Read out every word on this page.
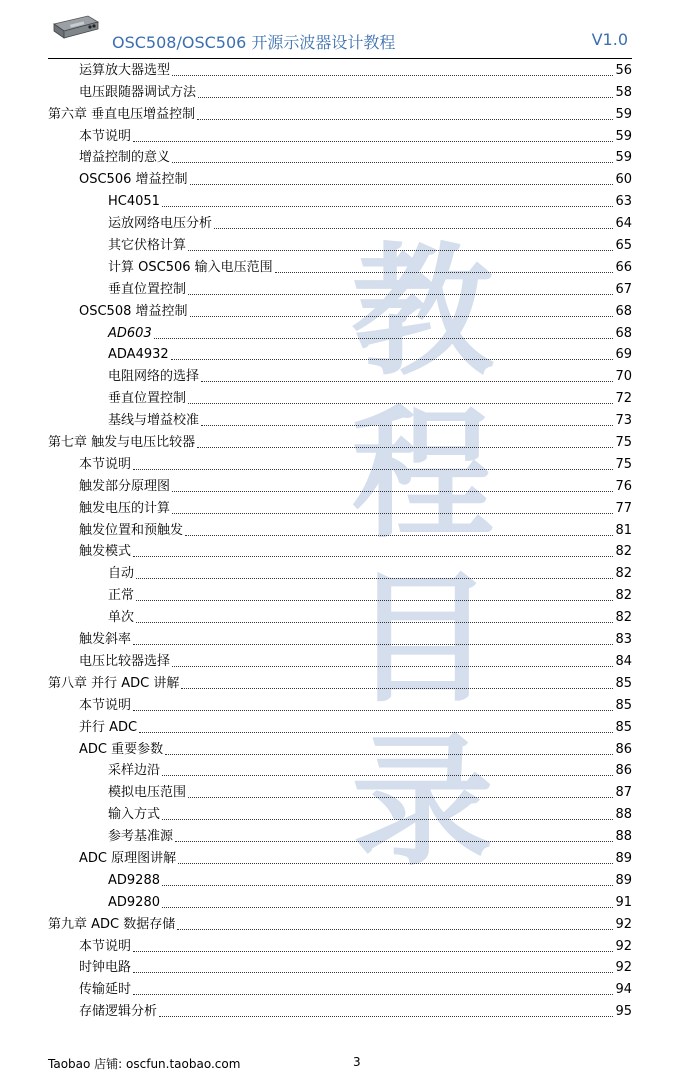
OSC508/OSC506 开源示波器设计教程	V1.0
教
程
目
录
运算放大器选型	56
电压跟随器调试方法	58
第六章 垂直电压增益控制	59
本节说明	59
增益控制的意义	59
OSC506 增益控制	60
HC4051	63
运放网络电压分析	64
其它伏格计算	65
计算 OSC506 输入电压范围	66
垂直位置控制	67
OSC508 增益控制	68
AD603	68
ADA4932	69
电阻网络的选择	70
垂直位置控制	72
基线与增益校准	73
第七章 触发与电压比较器	75
本节说明	75
触发部分原理图	76
触发电压的计算	77
触发位置和预触发	81
触发模式	82
自动	82
正常	82
单次	82
触发斜率	83
电压比较器选择	84
第八章 并行 ADC 讲解	85
本节说明	85
并行 ADC	85
ADC 重要参数	86
采样边沿	86
模拟电压范围	87
输入方式	88
参考基准源	88
ADC 原理图讲解	89
AD9288	89
AD9280	91
第九章 ADC 数据存储	92
本节说明	92
时钟电路	92
传输延时	94
存储逻辑分析	95
Taobao 店铺: oscfun.taobao.com	3
